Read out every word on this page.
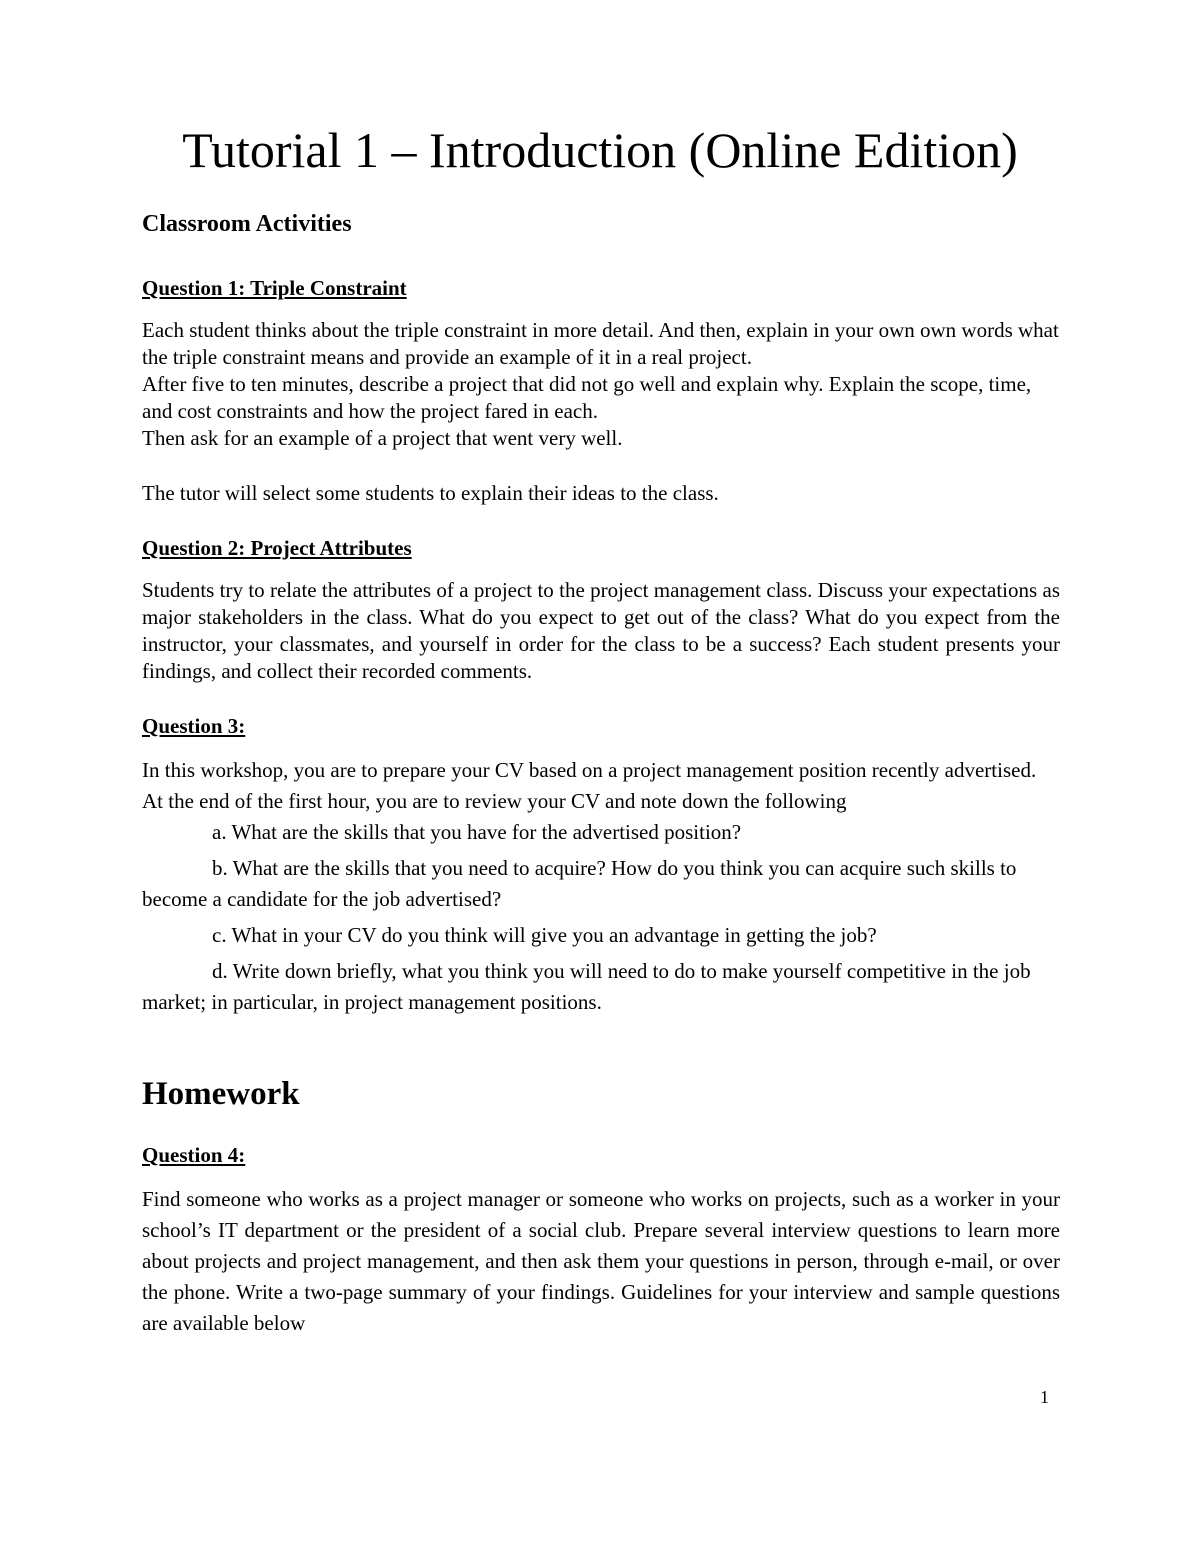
Tutorial 1 – Introduction (Online Edition)
Classroom Activities
Question 1: Triple Constraint

Each student thinks about the triple constraint in more detail. And then, explain in your own own words what the triple constraint means and provide an example of it in a real project.

After five to ten minutes, describe a project that did not go well and explain why. Explain the scope, time, and cost constraints and how the project fared in each.

Then ask for an example of a project that went very well.

The tutor will select some students to explain their ideas to the class.

Question 2: Project Attributes

Students try to relate the attributes of a project to the project management class. Discuss your expectations as major stakeholders in the class. What do you expect to get out of the class? What do you expect from the instructor, your classmates, and yourself in order for the class to be a success? Each student presents your findings, and collect their recorded comments.

Question 3:

In this workshop, you are to prepare your CV based on a project management position recently advertised. At the end of the first hour, you are to review your CV and note down the following

a. What are the skills that you have for the advertised position?
b. What are the skills that you need to acquire? How do you think you can acquire such skills to become a candidate for the job advertised?
c. What in your CV do you think will give you an advantage in getting the job?
d. Write down briefly, what you think you will need to do to make yourself competitive in the job market; in particular, in project management positions.
Homework
Question 4:

Find someone who works as a project manager or someone who works on projects, such as a worker in your school’s IT department or the president of a social club. Prepare several interview questions to learn more about projects and project management, and then ask them your questions in person, through e-mail, or over the phone. Write a two-page summary of your findings. Guidelines for your interview and sample questions are available below

1
